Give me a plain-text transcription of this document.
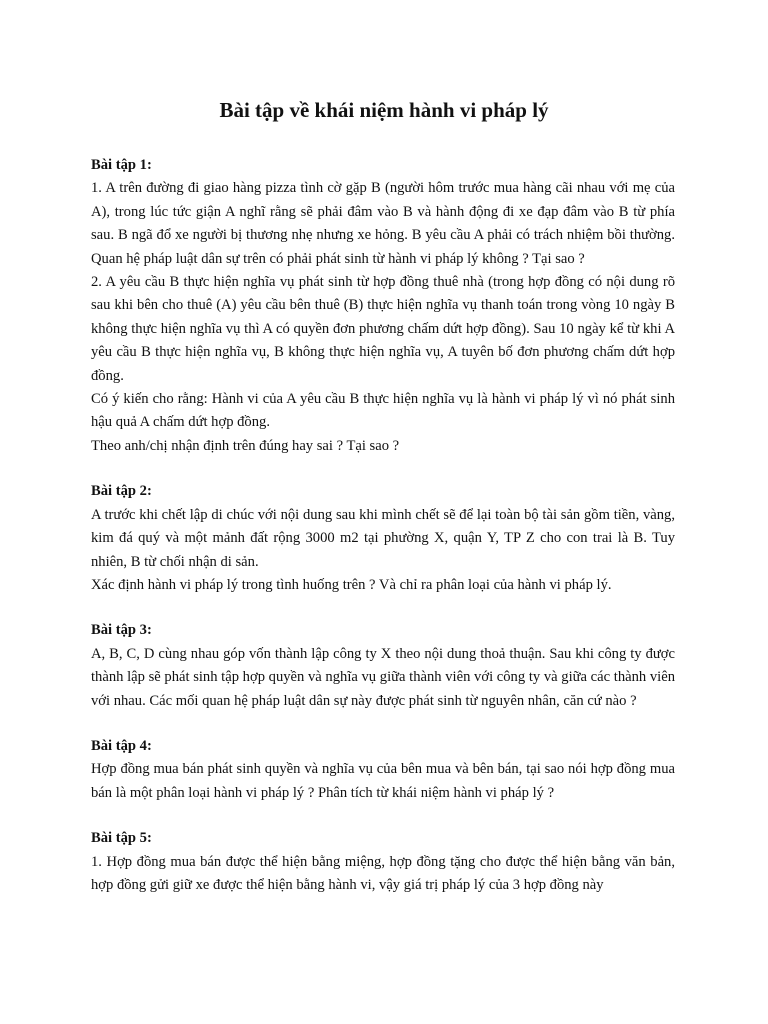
Bài tập về khái niệm hành vi pháp lý

Bài tập 1:

1. A trên đường đi giao hàng pizza tình cờ gặp B (người hôm trước mua hàng cãi nhau với mẹ của A), trong lúc tức giận A nghĩ rằng sẽ phải đâm vào B và hành động đi xe đạp đâm vào B từ phía sau. B ngã đổ xe người bị thương nhẹ nhưng xe hỏng. B yêu cầu A phải có trách nhiệm bồi thường. Quan hệ pháp luật dân sự trên có phải phát sinh từ hành vi pháp lý không ? Tại sao ?

2. A yêu cầu B thực hiện nghĩa vụ phát sinh từ hợp đồng thuê nhà (trong hợp đồng có nội dung rõ sau khi bên cho thuê (A) yêu cầu bên thuê (B) thực hiện nghĩa vụ thanh toán trong vòng 10 ngày B không thực hiện nghĩa vụ thì A có quyền đơn phương chấm dứt hợp đồng). Sau 10 ngày kể từ khi A yêu cầu B thực hiện nghĩa vụ, B không thực hiện nghĩa vụ, A tuyên bố đơn phương chấm dứt hợp đồng.

Có ý kiến cho rằng: Hành vi của A yêu cầu B thực hiện nghĩa vụ là hành vi pháp lý vì nó phát sinh hậu quả A chấm dứt hợp đồng.

Theo anh/chị nhận định trên đúng hay sai ? Tại sao ?

Bài tập 2:

A trước khi chết lập di chúc với nội dung sau khi mình chết sẽ để lại toàn bộ tài sản gồm tiền, vàng, kim đá quý và một mảnh đất rộng 3000 m2 tại phường X, quận Y, TP Z cho con trai là B. Tuy nhiên, B từ chối nhận di sản.

Xác định hành vi pháp lý trong tình huống trên ? Và chỉ ra phân loại của hành vi pháp lý.

Bài tập 3:

A, B, C, D cùng nhau góp vốn thành lập công ty X theo nội dung thoả thuận. Sau khi công ty được thành lập sẽ phát sinh tập hợp quyền và nghĩa vụ giữa thành viên với công ty và giữa các thành viên với nhau. Các mối quan hệ pháp luật dân sự này được phát sinh từ nguyên nhân, căn cứ nào ?

Bài tập 4:

Hợp đồng mua bán phát sinh quyền và nghĩa vụ của bên mua và bên bán, tại sao nói hợp đồng mua bán là một phân loại hành vi pháp lý ? Phân tích từ khái niệm hành vi pháp lý ?

Bài tập 5:

1. Hợp đồng mua bán được thể hiện bằng miệng, hợp đồng tặng cho được thể hiện bằng văn bản, hợp đồng gửi giữ xe được thể hiện bằng hành vi, vậy giá trị pháp lý của 3 hợp đồng này
